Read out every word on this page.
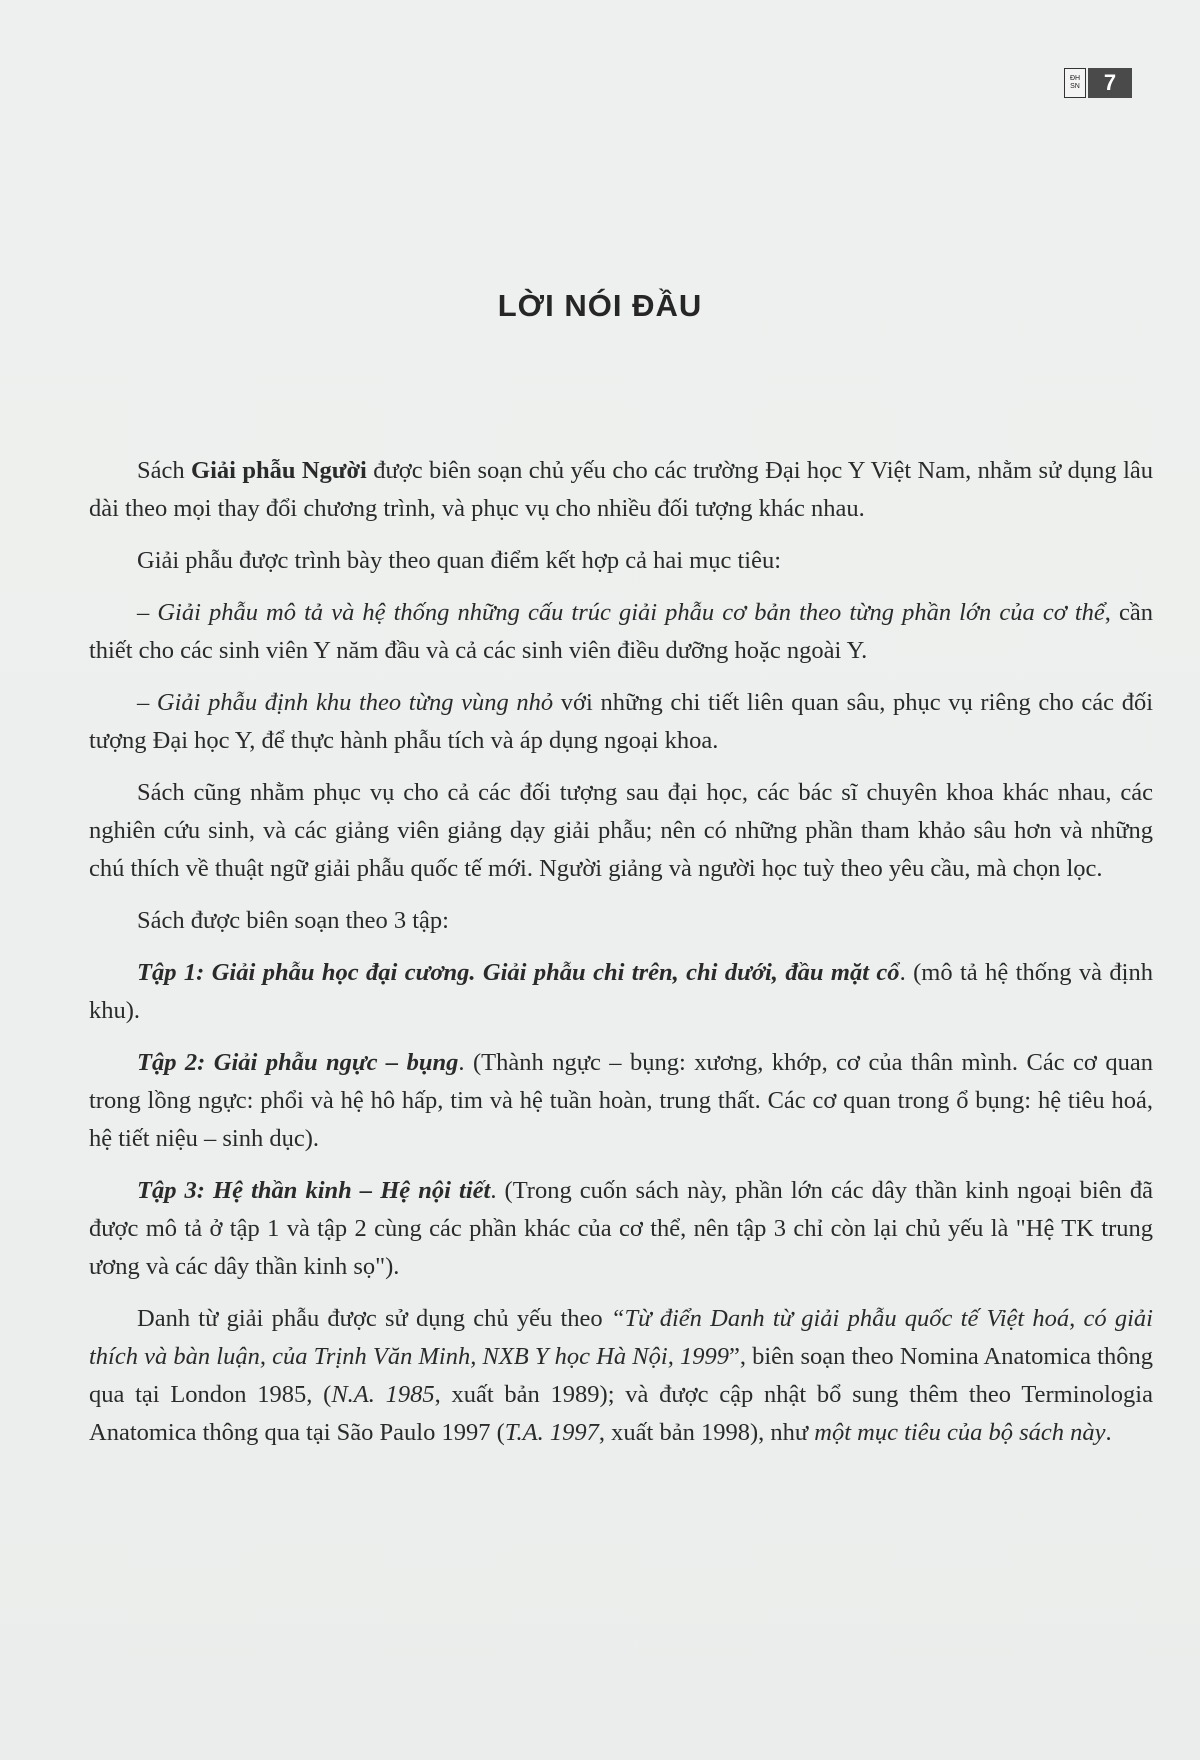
ĐH
SN	7
LỜI NÓI ĐẦU

Sách Giải phẫu Người được biên soạn chủ yếu cho các trường Đại học Y Việt Nam, nhằm sử dụng lâu dài theo mọi thay đổi chương trình, và phục vụ cho nhiều đối tượng khác nhau.

Giải phẫu được trình bày theo quan điểm kết hợp cả hai mục tiêu:

– Giải phẫu mô tả và hệ thống những cấu trúc giải phẫu cơ bản theo từng phần lớn của cơ thể, cần thiết cho các sinh viên Y năm đầu và cả các sinh viên điều dưỡng hoặc ngoài Y.

– Giải phẫu định khu theo từng vùng nhỏ với những chi tiết liên quan sâu, phục vụ riêng cho các đối tượng Đại học Y, để thực hành phẫu tích và áp dụng ngoại khoa.

Sách cũng nhằm phục vụ cho cả các đối tượng sau đại học, các bác sĩ chuyên khoa khác nhau, các nghiên cứu sinh, và các giảng viên giảng dạy giải phẫu; nên có những phần tham khảo sâu hơn và những chú thích về thuật ngữ giải phẫu quốc tế mới. Người giảng và người học tuỳ theo yêu cầu, mà chọn lọc.

Sách được biên soạn theo 3 tập:

Tập 1: Giải phẫu học đại cương. Giải phẫu chi trên, chi dưới, đầu mặt cổ. (mô tả hệ thống và định khu).

Tập 2: Giải phẫu ngực – bụng. (Thành ngực – bụng: xương, khớp, cơ của thân mình. Các cơ quan trong lồng ngực: phổi và hệ hô hấp, tim và hệ tuần hoàn, trung thất. Các cơ quan trong ổ bụng: hệ tiêu hoá, hệ tiết niệu – sinh dục).

Tập 3: Hệ thần kinh – Hệ nội tiết. (Trong cuốn sách này, phần lớn các dây thần kinh ngoại biên đã được mô tả ở tập 1 và tập 2 cùng các phần khác của cơ thể, nên tập 3 chỉ còn lại chủ yếu là "Hệ TK trung ương và các dây thần kinh sọ").

Danh từ giải phẫu được sử dụng chủ yếu theo “Từ điển Danh từ giải phẫu quốc tế Việt hoá, có giải thích và bàn luận, của Trịnh Văn Minh, NXB Y học Hà Nội, 1999”, biên soạn theo Nomina Anatomica thông qua tại London 1985, (N.A. 1985, xuất bản 1989); và được cập nhật bổ sung thêm theo Terminologia Anatomica thông qua tại São Paulo 1997 (T.A. 1997, xuất bản 1998), như một mục tiêu của bộ sách này.
